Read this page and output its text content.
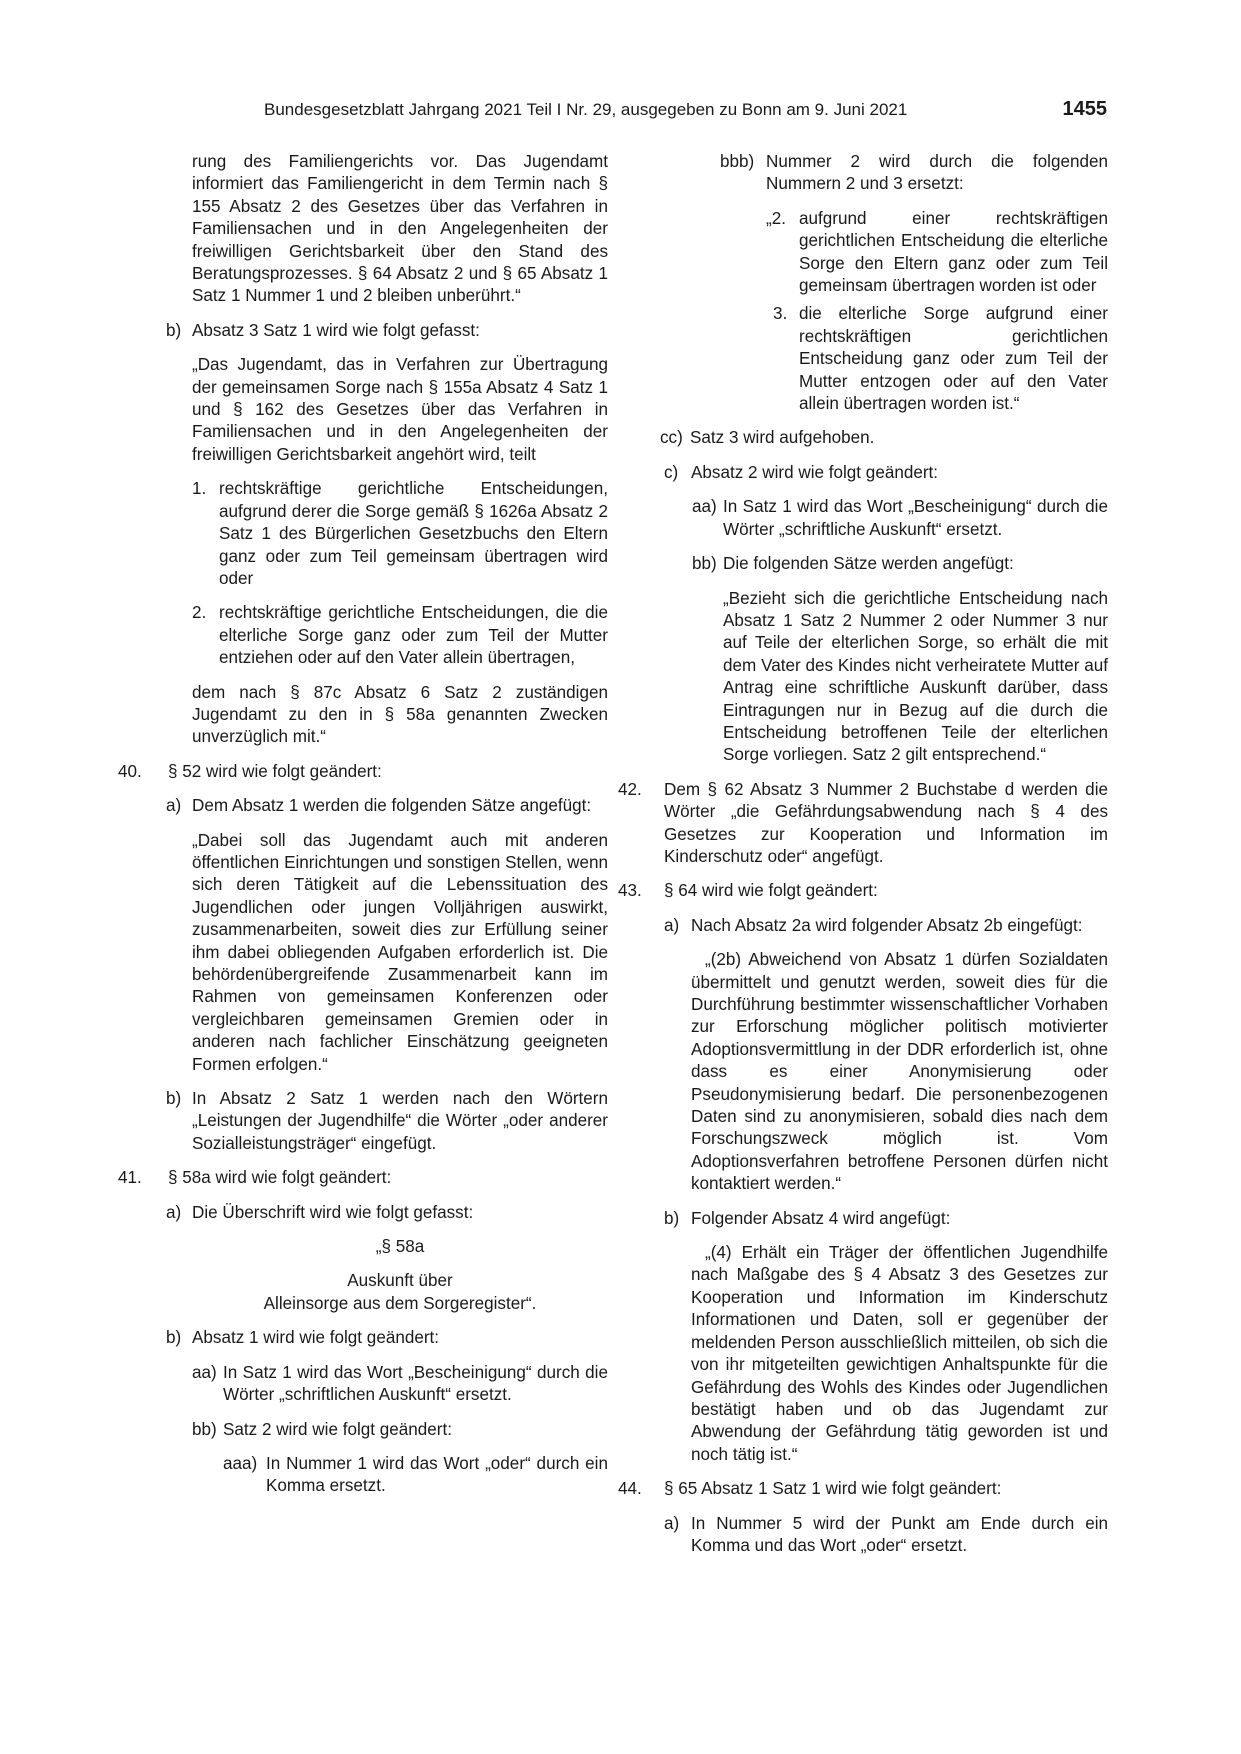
Bundesgesetzblatt Jahrgang 2021 Teil I Nr. 29, ausgegeben zu Bonn am 9. Juni 2021	1455

rung des Familiengerichts vor. Das Jugendamt informiert das Familiengericht in dem Termin nach § 155 Absatz 2 des Gesetzes über das Verfahren in Familiensachen und in den Angelegenheiten der freiwilligen Gerichtsbarkeit über den Stand des Beratungsprozesses. § 64 Absatz 2 und § 65 Absatz 1 Satz 1 Nummer 1 und 2 bleiben unberührt.“

b) Absatz 3 Satz 1 wird wie folgt gefasst:

„Das Jugendamt, das in Verfahren zur Übertragung der gemeinsamen Sorge nach § 155a Absatz 4 Satz 1 und § 162 des Gesetzes über das Verfahren in Familiensachen und in den Angelegenheiten der freiwilligen Gerichtsbarkeit angehört wird, teilt

1. rechtskräftige gerichtliche Entscheidungen, aufgrund derer die Sorge gemäß § 1626a Absatz 2 Satz 1 des Bürgerlichen Gesetzbuchs den Eltern ganz oder zum Teil gemeinsam übertragen wird oder
2. rechtskräftige gerichtliche Entscheidungen, die die elterliche Sorge ganz oder zum Teil der Mutter entziehen oder auf den Vater allein übertragen,

dem nach § 87c Absatz 6 Satz 2 zuständigen Jugendamt zu den in § 58a genannten Zwecken unverzüglich mit.“

40. § 52 wird wie folgt geändert:
a) Dem Absatz 1 werden die folgenden Sätze angefügt:

„Dabei soll das Jugendamt auch mit anderen öffentlichen Einrichtungen und sonstigen Stellen, wenn sich deren Tätigkeit auf die Lebenssituation des Jugendlichen oder jungen Volljährigen auswirkt, zusammenarbeiten, soweit dies zur Erfüllung seiner ihm dabei obliegenden Aufgaben erforderlich ist. Die behördenübergreifende Zusammenarbeit kann im Rahmen von gemeinsamen Konferenzen oder vergleichbaren gemeinsamen Gremien oder in anderen nach fachlicher Einschätzung geeigneten Formen erfolgen.“

b) In Absatz 2 Satz 1 werden nach den Wörtern „Leistungen der Jugendhilfe“ die Wörter „oder anderer Sozialleistungsträger“ eingefügt.
41. § 58a wird wie folgt geändert:
a) Die Überschrift wird wie folgt gefasst:

„§ 58a

Auskunft über

Alleinsorge aus dem Sorgeregister“.

b) Absatz 1 wird wie folgt geändert:
aa) In Satz 1 wird das Wort „Bescheinigung“ durch die Wörter „schriftlichen Auskunft“ ersetzt.
bb) Satz 2 wird wie folgt geändert:
aaa) In Nummer 1 wird das Wort „oder“ durch ein Komma ersetzt.
bbb) Nummer 2 wird durch die folgenden Nummern 2 und 3 ersetzt:
„2. aufgrund einer rechtskräftigen gerichtlichen Entscheidung die elterliche Sorge den Eltern ganz oder zum Teil gemeinsam übertragen worden ist oder
3. die elterliche Sorge aufgrund einer rechtskräftigen gerichtlichen Entscheidung ganz oder zum Teil der Mutter entzogen oder auf den Vater allein übertragen worden ist.“
cc) Satz 3 wird aufgehoben.
c) Absatz 2 wird wie folgt geändert:
aa) In Satz 1 wird das Wort „Bescheinigung“ durch die Wörter „schriftliche Auskunft“ ersetzt.
bb) Die folgenden Sätze werden angefügt:

„Bezieht sich die gerichtliche Entscheidung nach Absatz 1 Satz 2 Nummer 2 oder Nummer 3 nur auf Teile der elterlichen Sorge, so erhält die mit dem Vater des Kindes nicht verheiratete Mutter auf Antrag eine schriftliche Auskunft darüber, dass Eintragungen nur in Bezug auf die durch die Entscheidung betroffenen Teile der elterlichen Sorge vorliegen. Satz 2 gilt entsprechend.“

42. Dem § 62 Absatz 3 Nummer 2 Buchstabe d werden die Wörter „die Gefährdungsabwendung nach § 4 des Gesetzes zur Kooperation und Information im Kinderschutz oder“ angefügt.
43. § 64 wird wie folgt geändert:
a) Nach Absatz 2a wird folgender Absatz 2b eingefügt:

„(2b) Abweichend von Absatz 1 dürfen Sozialdaten übermittelt und genutzt werden, soweit dies für die Durchführung bestimmter wissenschaftlicher Vorhaben zur Erforschung möglicher politisch motivierter Adoptionsvermittlung in der DDR erforderlich ist, ohne dass es einer Anonymisierung oder Pseudonymisierung bedarf. Die personenbezogenen Daten sind zu anonymisieren, sobald dies nach dem Forschungszweck möglich ist. Vom Adoptionsverfahren betroffene Personen dürfen nicht kontaktiert werden.“

b) Folgender Absatz 4 wird angefügt:

„(4) Erhält ein Träger der öffentlichen Jugendhilfe nach Maßgabe des § 4 Absatz 3 des Gesetzes zur Kooperation und Information im Kinderschutz Informationen und Daten, soll er gegenüber der meldenden Person ausschließlich mitteilen, ob sich die von ihr mitgeteilten gewichtigen Anhaltspunkte für die Gefährdung des Wohls des Kindes oder Jugendlichen bestätigt haben und ob das Jugendamt zur Abwendung der Gefährdung tätig geworden ist und noch tätig ist.“

44. § 65 Absatz 1 Satz 1 wird wie folgt geändert:
a) In Nummer 5 wird der Punkt am Ende durch ein Komma und das Wort „oder“ ersetzt.
